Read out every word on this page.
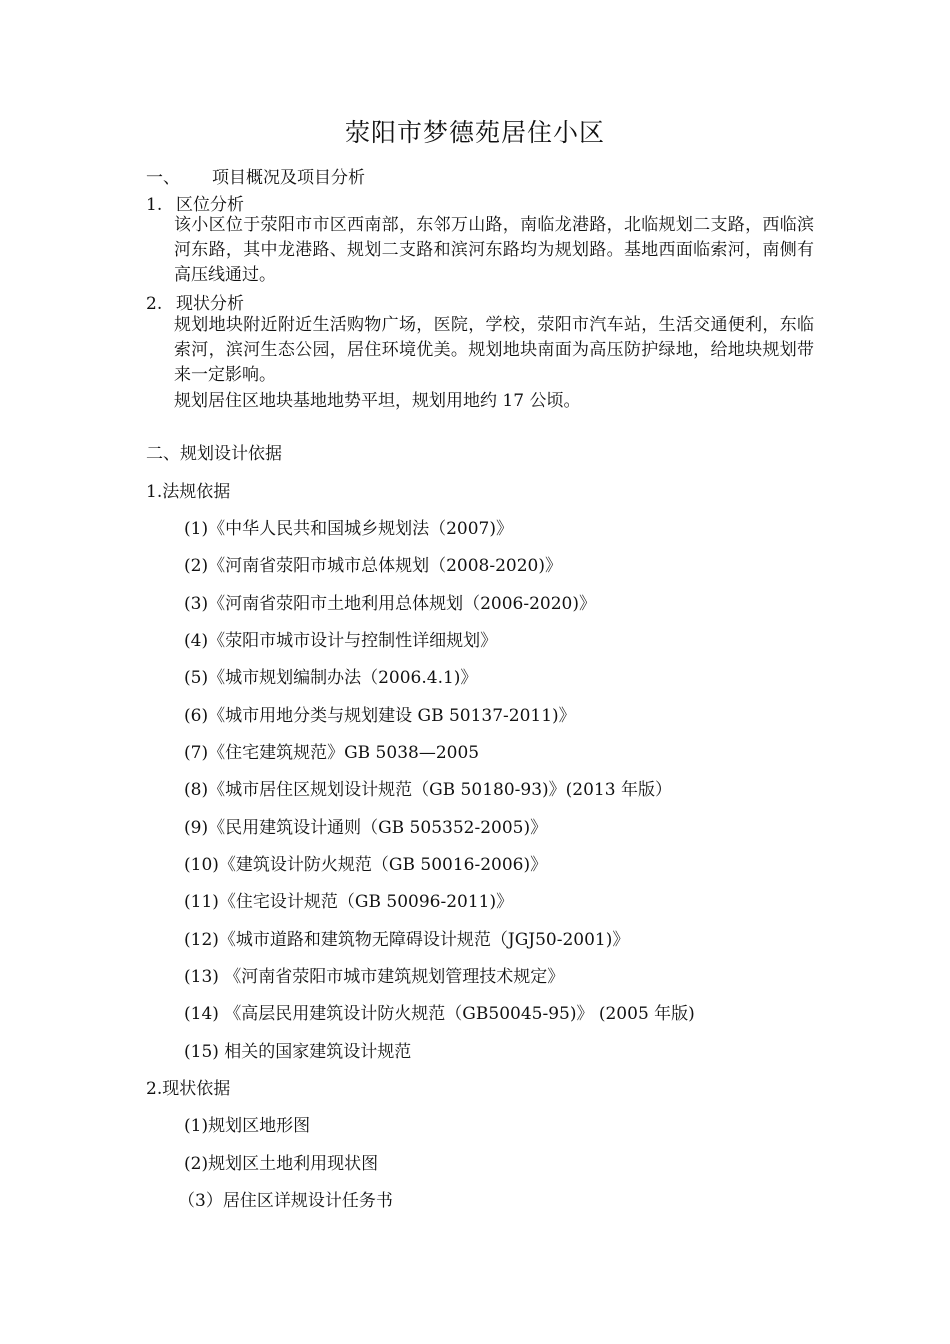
荥阳市梦德苑居住小区
一、 项目概况及项目分析
1. 区位分析
该小区位于荥阳市市区西南部，东邻万山路，南临龙港路，北临规划二支路，西临滨河东路，其中龙港路、规划二支路和滨河东路均为规划路。基地西面临索河，南侧有高压线通过。
2. 现状分析
规划地块附近附近生活购物广场，医院，学校，荥阳市汽车站，生活交通便利，东临索河，滨河生态公园，居住环境优美。规划地块南面为高压防护绿地，给地块规划带来一定影响。
规划居住区地块基地地势平坦，规划用地约 17 公顷。
二、规划设计依据
1.法规依据
(1)《中华人民共和国城乡规划法（2007)》
(2)《河南省荥阳市城市总体规划（2008-2020)》
(3)《河南省荥阳市土地利用总体规划（2006-2020)》
(4)《荥阳市城市设计与控制性详细规划》
(5)《城市规划编制办法（2006.4.1)》
(6)《城市用地分类与规划建设 GB 50137-2011)》
(7)《住宅建筑规范》GB 5038—2005
(8)《城市居住区规划设计规范（GB 50180-93)》(2013 年版）
(9)《民用建筑设计通则（GB 505352-2005)》
(10)《建筑设计防火规范（GB 50016-2006)》
(11)《住宅设计规范（GB 50096-2011)》
(12)《城市道路和建筑物无障碍设计规范（JGJ50-2001)》
(13) 《河南省荥阳市城市建筑规划管理技术规定》
(14) 《高层民用建筑设计防火规范（GB50045-95)》 (2005 年版)
(15) 相关的国家建筑设计规范
2.现状依据
(1)规划区地形图
(2)规划区土地利用现状图
（3）居住区详规设计任务书
